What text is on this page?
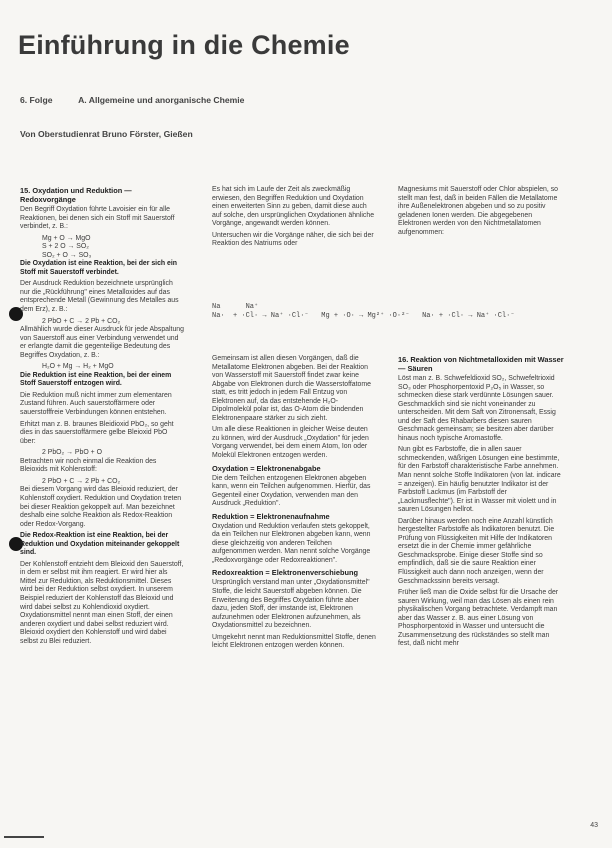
Einführung in die Chemie
6. Folge	A. Allgemeine und anorganische Chemie
Von Oberstudienrat Bruno Förster, Gießen

15. Oxydation und Reduktion — Redoxvorgänge

Den Begriff Oxydation führte Lavoisier ein für alle Reaktionen, bei denen sich ein Stoff mit Sauerstoff verbindet, z. B.:

Mg + O → MgO

S + 2 O → SO₂

SO₂ + O → SO₃

Die Oxydation ist eine Reaktion, bei der sich ein Stoff mit Sauerstoff verbindet.

Der Ausdruck Reduktion bezeichnete ursprünglich nur die „Rückführung" eines Metalloxides auf das entsprechende Metall (Gewinnung des Metalles aus dem Erz), z. B.:

2 PbO + C → 2 Pb + CO₂

Allmählich wurde dieser Ausdruck für jede Abspaltung von Sauerstoff aus einer Verbindung verwendet und er erlangte damit die gegenteilige Bedeutung des Begriffes Oxydation, z. B.:

H₂O + Mg → H₂ + MgO

Die Reduktion ist eine Reaktion, bei der einem Stoff Sauerstoff entzogen wird.

Die Reduktion muß nicht immer zum elementaren Zustand führen. Auch sauerstoffärmere oder sauerstofffreie Verbindungen können entstehen.

Erhitzt man z. B. braunes Bleidioxid PbO₂, so geht dies in das sauerstoffärmere gelbe Bleioxid PbO über:

2 PbO₂ → PbO + O

Betrachten wir noch einmal die Reaktion des Bleioxids mit Kohlenstoff:

2 PbO + C → 2 Pb + CO₂

Bei diesem Vorgang wird das Bleioxid reduziert, der Kohlenstoff oxydiert. Reduktion und Oxydation treten bei dieser Reaktion gekoppelt auf. Man bezeichnet deshalb eine solche Reaktion als Redox-Reaktion oder Redox-Vorgang.

Die Redox-Reaktion ist eine Reaktion, bei der Reduktion und Oxydation miteinander gekoppelt sind.

Der Kohlenstoff entzieht dem Bleioxid den Sauerstoff, in dem er selbst mit ihm reagiert. Er wird hier als Mittel zur Reduktion, als Reduktionsmittel. Dieses wird bei der Reduktion selbst oxydiert. In unserem Beispiel reduziert der Kohlenstoff das Bleioxid und wird dabei selbst zu Kohlendioxid oxydiert. Oxydationsmittel nennt man einen Stoff, der einen anderen oxydiert und dabei selbst reduziert wird. Bleioxid oxydiert den Kohlenstoff und wird dabei selbst zu Blei reduziert.

Es hat sich im Laufe der Zeit als zweckmäßig erwiesen, den Begriffen Reduktion und Oxydation einen erweiterten Sinn zu geben, damit diese auch auf solche, den ursprünglichen Oxydationen ähnliche Vorgänge, angewandt werden können.

Untersuchen wir die Vorgänge näher, die sich bei der Reaktion des Natriums oder

Na      Na⁺
Na·  + ·Cl· → Na⁺ ·Cl·⁻   Mg + ·O· → Mg²⁺ ·O·²⁻   Na· + ·Cl· → Na⁺ ·Cl·⁻

Gemeinsam ist allen diesen Vorgängen, daß die Metallatome Elektronen abgeben. Bei der Reaktion von Wasserstoff mit Sauerstoff findet zwar keine Abgabe von Elektronen durch die Wasserstoffatome statt, es tritt jedoch in jedem Fall Entzug von Elektronen auf, da das entstehende H₂O-Dipolmolekül polar ist, das O-Atom die bindenden Elektronenpaare stärker zu sich zieht.

Um alle diese Reaktionen in gleicher Weise deuten zu können, wird der Ausdruck „Oxydation" für jeden Vorgang verwendet, bei dem einem Atom, Ion oder Molekül Elektronen entzogen werden.

Oxydation = Elektronenabgabe

Die dem Teilchen entzogenen Elektronen abgeben kann, wenn ein Teilchen aufgenommen. Hierfür, das Gegenteil einer Oxydation, verwenden man den Ausdruck „Reduktion".

Reduktion = Elektronenaufnahme

Oxydation und Reduktion verlaufen stets gekoppelt, da ein Teilchen nur Elektronen abgeben kann, wenn diese gleichzeitig von anderen Teilchen aufgenommen werden. Man nennt solche Vorgänge „Redoxvorgänge oder Redoxreaktionen".

Redoxreaktion = Elektronenverschiebung

Ursprünglich verstand man unter „Oxydationsmittel" Stoffe, die leicht Sauerstoff abgeben können. Die Erweiterung des Begriffes Oxydation führte aber dazu, jeden Stoff, der imstande ist, Elektronen aufzunehmen oder Elektronen aufzunehmen, als Oxydationsmittel zu bezeichnen.

Umgekehrt nennt man Reduktionsmittel Stoffe, denen leicht Elektronen entzogen werden können.

Magnesiums mit Sauerstoff oder Chlor abspielen, so stellt man fest, daß in beiden Fällen die Metallatome ihre Außenelektronen abgeben und so zu positiv geladenen Ionen werden. Die abgegebenen Elektronen werden von den Nichtmetallatomen aufgenommen:

16. Reaktion von Nichtmetalloxiden mit Wasser — Säuren

Löst man z. B. Schwefeldioxid SO₂, Schwefeltrioxid SO₃ oder Phosphorpentoxid P₂O₅ in Wasser, so schmecken diese stark verdünnte Lösungen sauer. Geschmacklich sind sie nicht voneinander zu unterscheiden. Mit dem Saft von Zitronensaft, Essig und der Saft des Rhabarbers diesen sauren Geschmack gemeinsam; sie besitzen aber darüber hinaus noch typische Aromastoffe.

Nun gibt es Farbstoffe, die in allen sauer schmeckenden, wäßrigen Lösungen eine bestimmte, für den Farbstoff charakteristische Farbe annehmen. Man nennt solche Stoffe Indikatoren (von lat. indicare = anzeigen). Ein häufig benutzter Indikator ist der Farbstoff Lackmus (im Farbstoff der „Lackmusflechte"). Er ist in Wasser mit violett und in sauren Lösungen hellrot.

Darüber hinaus werden noch eine Anzahl künstlich hergestellter Farbstoffe als Indikatoren benutzt. Die Prüfung von Flüssigkeiten mit Hilfe der Indikatoren ersetzt die in der Chemie immer gefährliche Geschmacksprobe. Einige dieser Stoffe sind so empfindlich, daß sie die saure Reaktion einer Flüssigkeit auch dann noch anzeigen, wenn der Geschmackssinn bereits versagt.

Früher ließ man die Oxide selbst für die Ursache der sauren Wirkung, weil man das Lösen als einen rein physikalischen Vorgang betrachtete. Verdampft man aber das Wasser z. B. aus einer Lösung von Phosphorpentoxid in Wasser und untersucht die Zusammensetzung des rückständes so stellt man fest, daß nicht mehr

43
